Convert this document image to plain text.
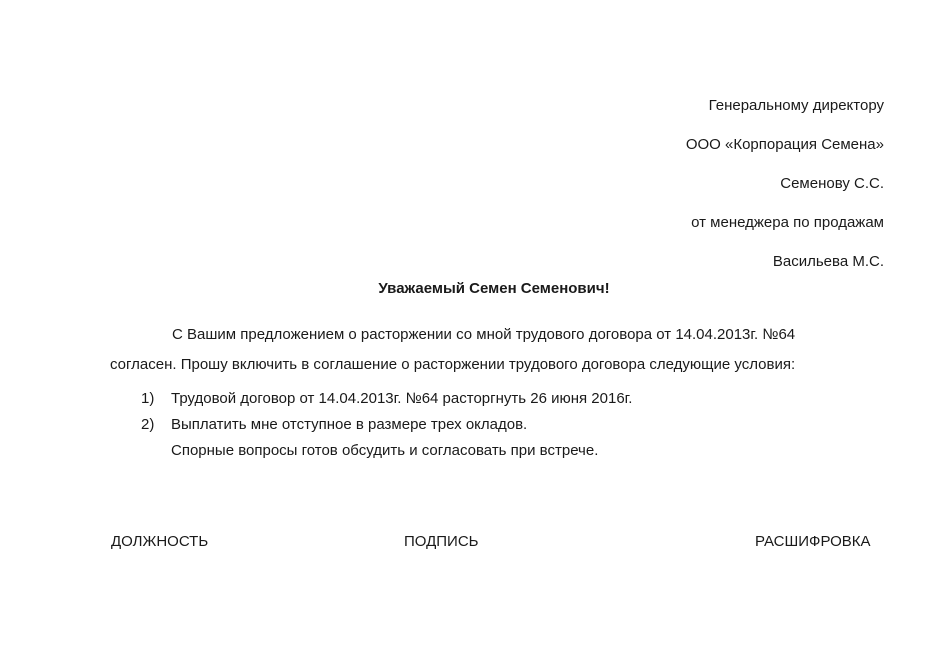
Генеральному директору
ООО «Корпорация Семена»
Семенову С.С.
от менеджера по продажам
Васильева М.С.
Уважаемый Семен Семенович!
С Вашим предложением о расторжении со мной трудового договора от 14.04.2013г. №64
согласен. Прошу включить в соглашение о расторжении трудового договора следующие условия:
1)	Трудовой договор от 14.04.2013г. №64 расторгнуть 26 июня 2016г.
2)	Выплатить мне отступное в размере трех окладов.
Спорные вопросы готов обсудить и согласовать при встрече.
ДОЛЖНОСТЬ	ПОДПИСЬ	РАСШИФРОВКА
